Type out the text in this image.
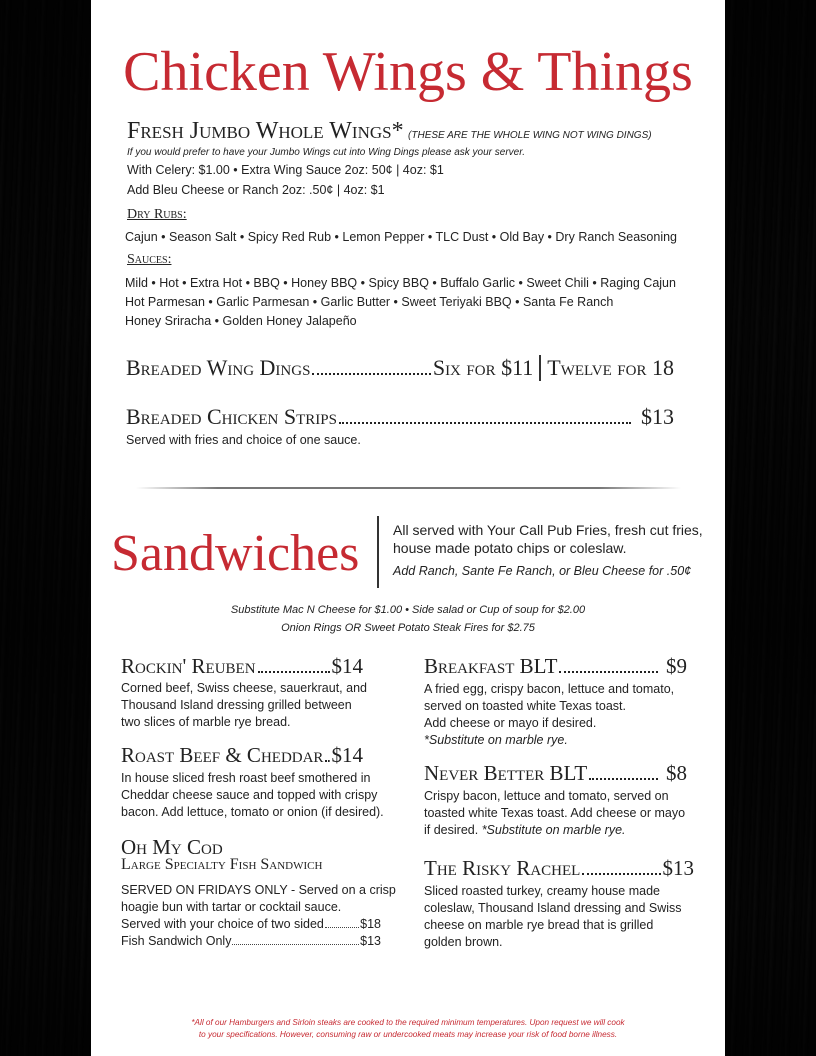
Chicken Wings & Things
Fresh Jumbo Whole Wings* (THESE ARE THE WHOLE WING NOT WING DINGS)
If you would prefer to have your Jumbo Wings cut into Wing Dings please ask your server.
With Celery: $1.00 • Extra Wing Sauce 2oz: 50¢ | 4oz: $1
Add Bleu Cheese or Ranch 2oz: .50¢ | 4oz: $1
Dry Rubs:
Cajun • Season Salt • Spicy Red Rub • Lemon Pepper • TLC Dust • Old Bay • Dry Ranch Seasoning
Sauces:
Mild • Hot • Extra Hot • BBQ • Honey BBQ • Spicy BBQ • Buffalo Garlic • Sweet Chili • Raging Cajun
Hot Parmesan • Garlic Parmesan • Garlic Butter • Sweet Teriyaki BBQ • Santa Fe Ranch
Honey Sriracha • Golden Honey Jalapeño
Breaded Wing Dings	Six for $11 Twelve for 18
Breaded Chicken Strips	$13
Served with fries and choice of one sauce.
Sandwiches All served with Your Call Pub Fries, fresh cut fries,
house made potato chips or coleslaw.
Add Ranch, Sante Fe Ranch, or Bleu Cheese for .50¢
Substitute Mac N Cheese for $1.00 • Side salad or Cup of soup for $2.00
Onion Rings OR Sweet Potato Steak Fires for $2.75
Rockin' Reuben	$14
Corned beef, Swiss cheese, sauerkraut, and
Thousand Island dressing grilled between
two slices of marble rye bread.
Roast Beef & Cheddar $14
In house sliced fresh roast beef smothered in
Cheddar cheese sauce and topped with crispy
bacon. Add lettuce, tomato or onion (if desired).
Oh My Cod
Large Specialty Fish Sandwich
SERVED ON FRIDAYS ONLY - Served on a crisp
hoagie bun with tartar or cocktail sauce.
Served with your choice of two sided	$18
Fish Sandwich Only	$13
Breakfast BLT	$9
A fried egg, crispy bacon, lettuce and tomato,
served on toasted white Texas toast.
Add cheese or mayo if desired.
*Substitute on marble rye.
Never Better BLT	$8
Crispy bacon, lettuce and tomato, served on
toasted white Texas toast. Add cheese or mayo
if desired. *Substitute on marble rye.
The Risky Rachel	$13
Sliced roasted turkey, creamy house made
coleslaw, Thousand Island dressing and Swiss
cheese on marble rye bread that is grilled
golden brown.
*All of our Hamburgers and Sirloin steaks are cooked to the required minimum temperatures. Upon request we will cook
to your specifications. However, consuming raw or undercooked meats may increase your risk of food borne illness.
